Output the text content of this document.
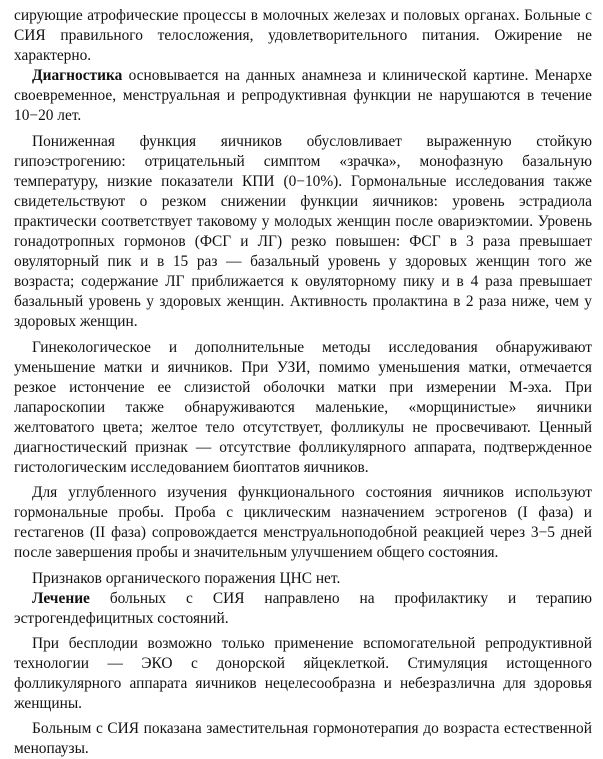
сирующие атрофические процессы в молочных железах и половых органах. Больные с СИЯ правильного телосложения, удовлетворительного питания. Ожирение не характерно.

Диагностика основывается на данных анамнеза и клинической картине. Менархе своевременное, менструальная и репродуктивная функции не нарушаются в течение 10−20 лет.

Пониженная функция яичников обусловливает выраженную стойкую гипоэстрогению: отрицательный симптом «зрачка», монофазную базальную температуру, низкие показатели КПИ (0−10%). Гормональные исследования также свидетельствуют о резком снижении функции яичников: уровень эстрадиола практически соответствует таковому у молодых женщин после овариэктомии. Уровень гонадотропных гормонов (ФСГ и ЛГ) резко повышен: ФСГ в 3 раза превышает овуляторный пик и в 15 раз — базальный уровень у здоровых женщин того же возраста; содержание ЛГ приближается к овуляторному пику и в 4 раза превышает базальный уровень у здоровых женщин. Активность пролактина в 2 раза ниже, чем у здоровых женщин.

Гинекологическое и дополнительные методы исследования обнаруживают уменьшение матки и яичников. При УЗИ, помимо уменьшения матки, отмечается резкое истончение ее слизистой оболочки матки при измерении М-эха. При лапароскопии также обнаруживаются маленькие, «морщинистые» яичники желтоватого цвета; желтое тело отсутствует, фолликулы не просвечивают. Ценный диагностический признак — отсутствие фолликулярного аппарата, подтвержденное гистологическим исследованием биоптатов яичников.

Для углубленного изучения функционального состояния яичников используют гормональные пробы. Проба с циклическим назначением эстрогенов (I фаза) и гестагенов (II фаза) сопровождается менструальноподобной реакцией через 3−5 дней после завершения пробы и значительным улучшением общего состояния.

Признаков органического поражения ЦНС нет.

Лечение больных с СИЯ направлено на профилактику и терапию эстрогендефицитных состояний.

При бесплодии возможно только применение вспомогательной репродуктивной технологии — ЭКО с донорской яйцеклеткой. Стимуляция истощенного фолликулярного аппарата яичников нецелесообразна и небезразлична для здоровья женщины.

Больным с СИЯ показана заместительная гормонотерапия до возраста естественной менопаузы.
